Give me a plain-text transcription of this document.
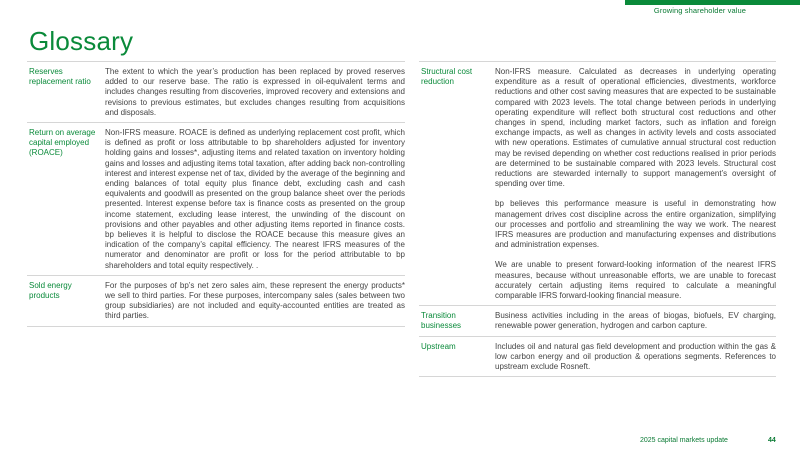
Growing shareholder value
Glossary
Reserves replacement ratio

The extent to which the year’s production has been replaced by proved reserves added to our reserve base. The ratio is expressed in oil-equivalent terms and includes changes resulting from discoveries, improved recovery and extensions and revisions to previous estimates, but excludes changes resulting from acquisitions and disposals.

Return on average capital employed (ROACE)

Non-IFRS measure. ROACE is defined as underlying replacement cost profit, which is defined as profit or loss attributable to bp shareholders adjusted for inventory holding gains and losses*, adjusting items and related taxation on inventory holding gains and losses and adjusting items total taxation, after adding back non-controlling interest and interest expense net of tax, divided by the average of the beginning and ending balances of total equity plus finance debt, excluding cash and cash equivalents and goodwill as presented on the group balance sheet over the periods presented. Interest expense before tax is finance costs as presented on the group income statement, excluding lease interest, the unwinding of the discount on provisions and other payables and other adjusting items reported in finance costs. bp believes it is helpful to disclose the ROACE because this measure gives an indication of the company’s capital efficiency. The nearest IFRS measures of the numerator and denominator are profit or loss for the period attributable to bp shareholders and total equity respectively. .

Sold energy products

For the purposes of bp’s net zero sales aim, these represent the energy products* we sell to third parties. For these purposes, intercompany sales (sales between two group subsidiaries) are not included and equity-accounted entities are treated as third parties.

Structural cost reduction

Non-IFRS measure. Calculated as decreases in underlying operating expenditure as a result of operational efficiencies, divestments, workforce reductions and other cost saving measures that are expected to be sustainable compared with 2023 levels. The total change between periods in underlying operating expenditure will reflect both structural cost reductions and other changes in spend, including market factors, such as inflation and foreign exchange impacts, as well as changes in activity levels and costs associated with new operations. Estimates of cumulative annual structural cost reduction may be revised depending on whether cost reductions realised in prior periods are determined to be sustainable compared with 2023 levels. Structural cost reductions are stewarded internally to support management’s oversight of spending over time.

bp believes this performance measure is useful in demonstrating how management drives cost discipline across the entire organization, simplifying our processes and portfolio and streamlining the way we work. The nearest IFRS measures are production and manufacturing expenses and distributions and administration expenses.

We are unable to present forward-looking information of the nearest IFRS measures, because without unreasonable efforts, we are unable to forecast accurately certain adjusting items required to calculate a meaningful comparable IFRS forward-looking financial measure.

Transition businesses

Business activities including in the areas of biogas, biofuels, EV charging, renewable power generation, hydrogen and carbon capture.

Upstream	Includes oil and natural gas field development and production within the gas & low carbon energy and oil production & operations segments. References to upstream exclude Rosneft.

2025 capital markets update	44
